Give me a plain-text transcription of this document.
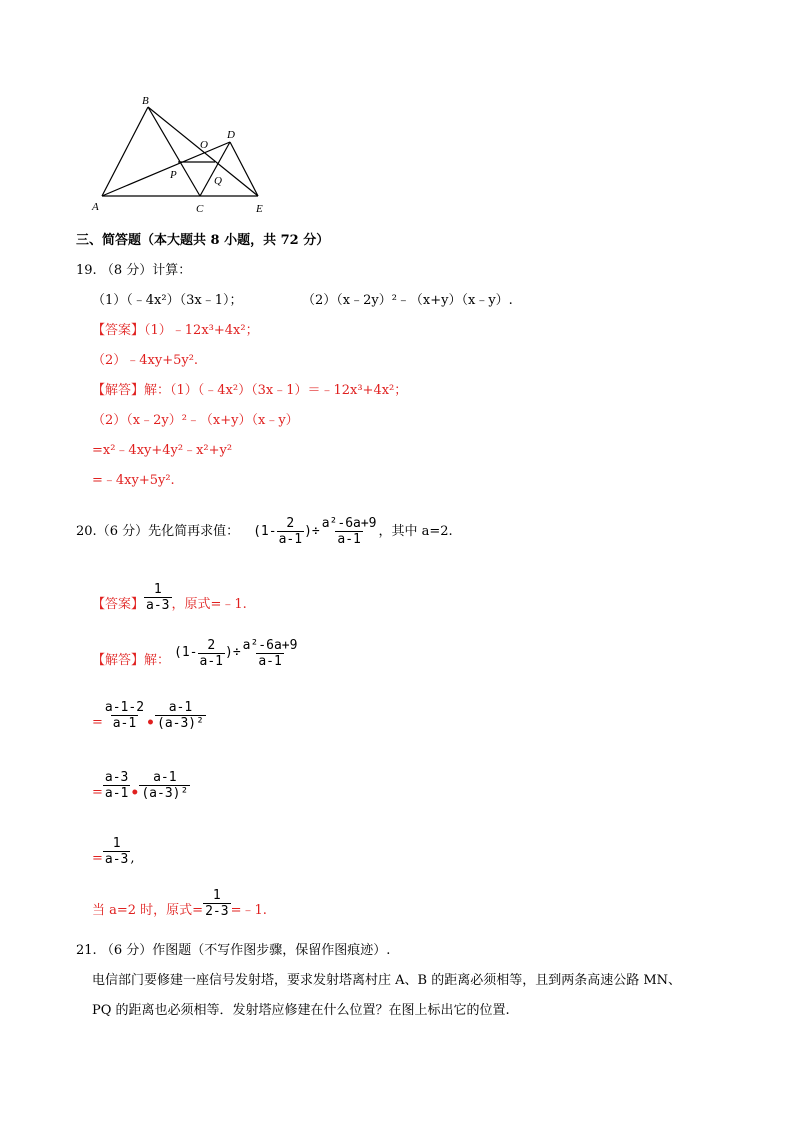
B
D
O
P	Q
A	C	E
三、简答题（本大题共 8 小题，共 72 分）
19. （8 分）计算：
（1）（﹣4x²）（3x﹣1）；	（2）（x﹣2y）²﹣（x+y）（x﹣y）.
【答案】（1）﹣12x³+4x²；
（2）﹣4xy+5y².
【解答】解：（1）（﹣4x²）（3x﹣1）＝﹣12x³+4x²；
（2）（x﹣2y）²﹣（x+y）（x﹣y）
=x²﹣4xy+4y²﹣x²+y²
=﹣4xy+5y².
20. （6 分）先化简再求值： ($1- \frac{2}{a-1}$ )÷ $\frac{\text{a²-6a+9}}{a-1}$ ，其中 a=2.
【答案】 $\frac{1}{a-3}$ ，原式=﹣1.
【解答】 解：
($1- \frac{2}{a-1}$ )÷ $\frac{\text{a²-6a+9}}{a-1}$
= $\frac{a-1-2}{a-1}$ • $\frac{a-1}{\text{(a-3)²}}$
= $\frac{a-3}{a-1}$ • $\frac{a-1}{\text{(a-3)²}}$
= $\frac{1}{a-3}$ ,
当 a=2 时，原式= $\frac{1}{2-3}$ =﹣1.
21. （6 分）作图题（不写作图步骤，保留作图痕迹）.
电信部门要修建一座信号发射塔，要求发射塔离村庄 A、B 的距离必须相等，且到两条高速公路 MN、
PQ 的距离也必须相等．发射塔应修建在什么位置？在图上标出它的位置.
